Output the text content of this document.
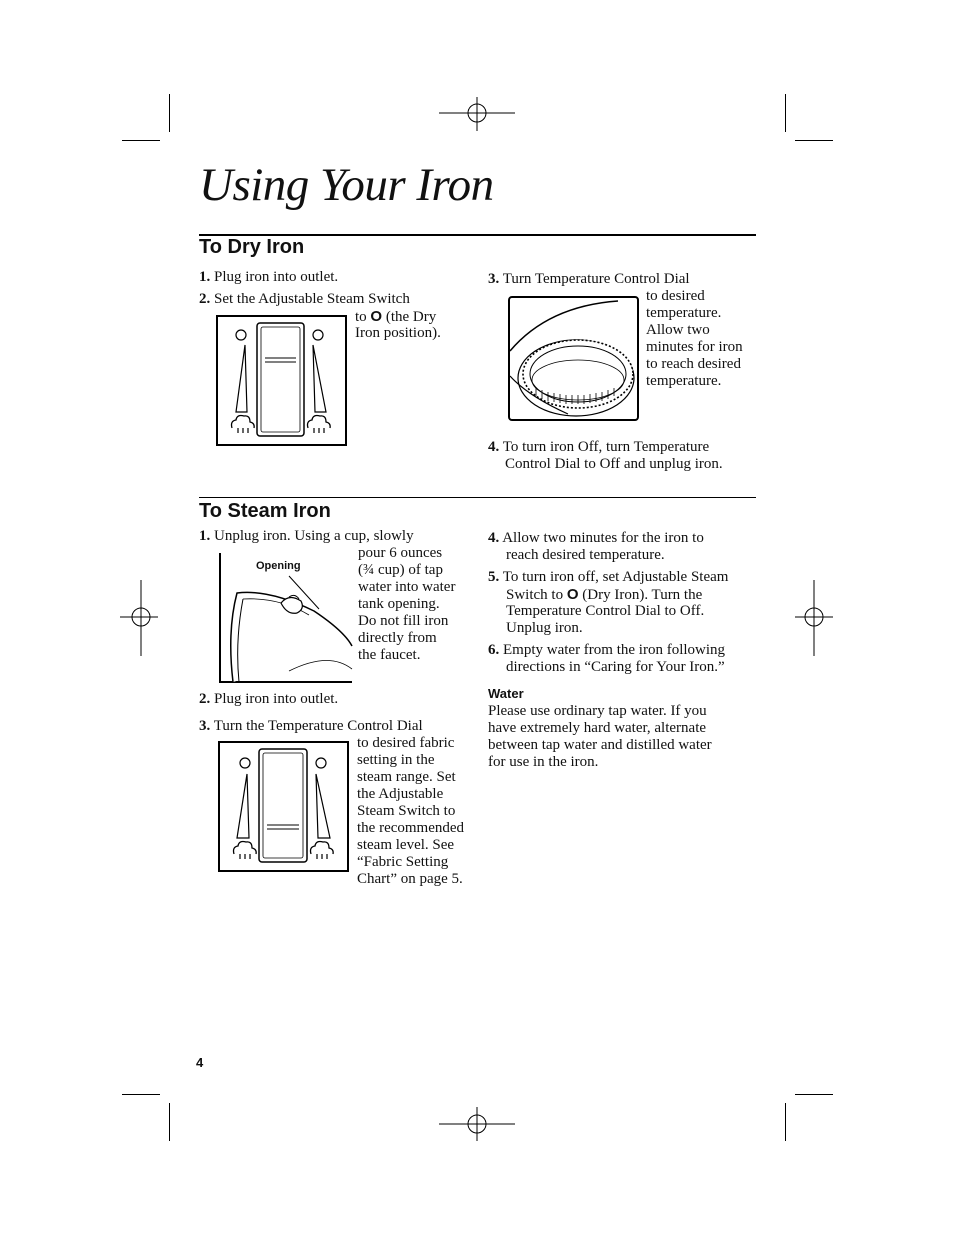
Using Your Iron
To Dry Iron
1. Plug iron into outlet.
2. Set the Adjustable Steam Switch
to O (the Dry
Iron position).
3. Turn Temperature Control Dial
to desired
temperature.
Allow two
minutes for iron
to reach desired
temperature.
4. To turn iron Off, turn Temperature
Control Dial to Off and unplug iron.
To Steam Iron
1. Unplug iron. Using a cup, slowly
pour 6 ounces
(¾ cup) of tap
water into water
tank opening.
Do not fill iron
directly from
the faucet.
Opening
2. Plug iron into outlet.
3. Turn the Temperature Control Dial
to desired fabric
setting in the
steam range. Set
the Adjustable
Steam Switch to
the recommended
steam level. See
“Fabric Setting
Chart” on page 5.
4. Allow two minutes for the iron to
reach desired temperature.
5. To turn iron off, set Adjustable Steam
Switch to O (Dry Iron). Turn the
Temperature Control Dial to Off.
Unplug iron.
6. Empty water from the iron following
directions in “Caring for Your Iron.”
Water
Please use ordinary tap water. If you
have extremely hard water, alternate
between tap water and distilled water
for use in the iron.
4
